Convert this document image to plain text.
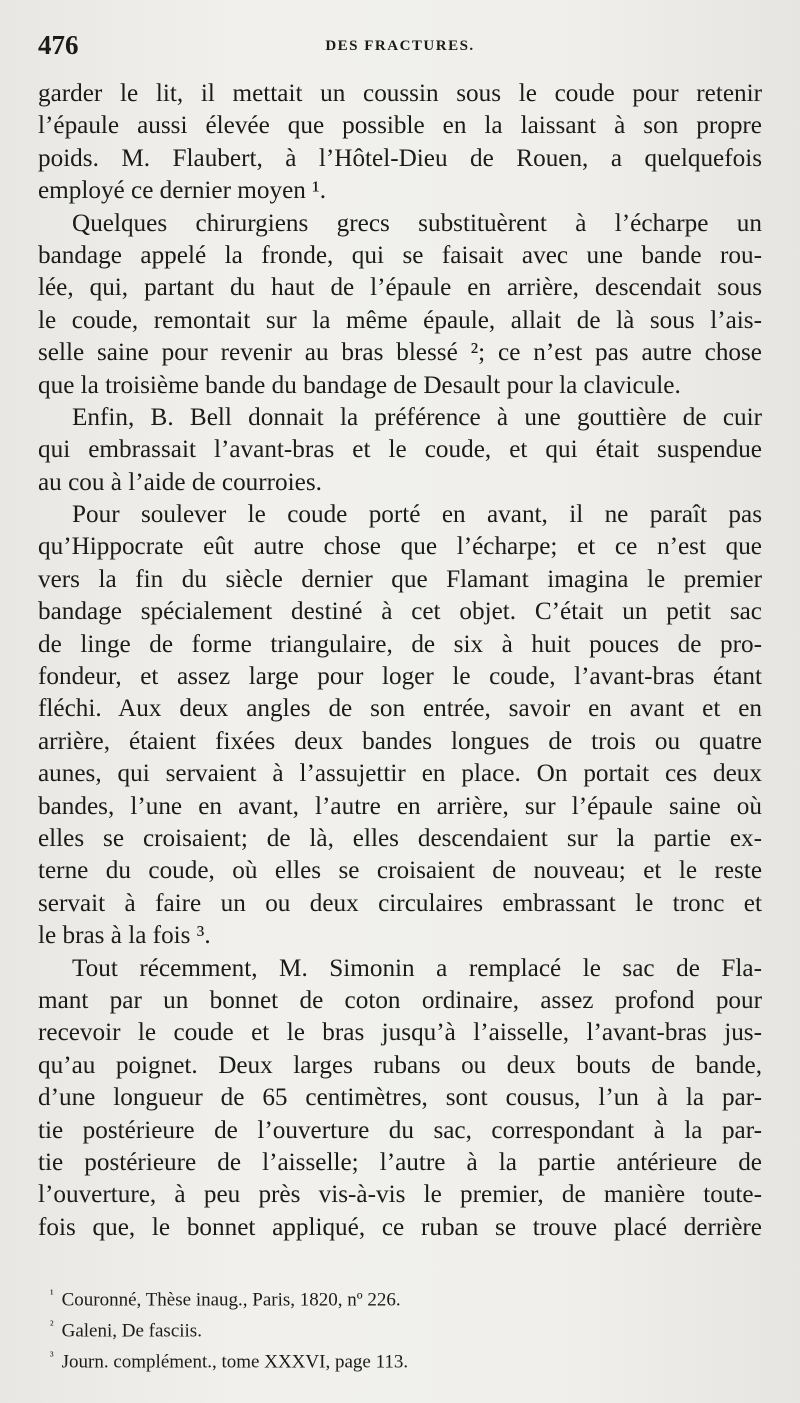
476	DES FRACTURES.
garder le lit, il mettait un coussin sous le coude pour retenir
l’épaule aussi élevée que possible en la laissant à son propre
poids. M. Flaubert, à l’Hôtel-Dieu de Rouen, a quelquefois
employé ce dernier moyen ¹.
Quelques chirurgiens grecs substituèrent à l’écharpe un
bandage appelé la fronde, qui se faisait avec une bande rou-
lée, qui, partant du haut de l’épaule en arrière, descendait sous
le coude, remontait sur la même épaule, allait de là sous l’ais-
selle saine pour revenir au bras blessé ²; ce n’est pas autre chose
que la troisième bande du bandage de Desault pour la clavicule.
Enfin, B. Bell donnait la préférence à une gouttière de cuir
qui embrassait l’avant-bras et le coude, et qui était suspendue
au cou à l’aide de courroies.
Pour soulever le coude porté en avant, il ne paraît pas
qu’Hippocrate eût autre chose que l’écharpe; et ce n’est que
vers la fin du siècle dernier que Flamant imagina le premier
bandage spécialement destiné à cet objet. C’était un petit sac
de linge de forme triangulaire, de six à huit pouces de pro-
fondeur, et assez large pour loger le coude, l’avant-bras étant
fléchi. Aux deux angles de son entrée, savoir en avant et en
arrière, étaient fixées deux bandes longues de trois ou quatre
aunes, qui servaient à l’assujettir en place. On portait ces deux
bandes, l’une en avant, l’autre en arrière, sur l’épaule saine où
elles se croisaient; de là, elles descendaient sur la partie ex-
terne du coude, où elles se croisaient de nouveau; et le reste
servait à faire un ou deux circulaires embrassant le tronc et
le bras à la fois ³.
Tout récemment, M. Simonin a remplacé le sac de Fla-
mant par un bonnet de coton ordinaire, assez profond pour
recevoir le coude et le bras jusqu’à l’aisselle, l’avant-bras jus-
qu’au poignet. Deux larges rubans ou deux bouts de bande,
d’une longueur de 65 centimètres, sont cousus, l’un à la par-
tie postérieure de l’ouverture du sac, correspondant à la par-
tie postérieure de l’aisselle; l’autre à la partie antérieure de
l’ouverture, à peu près vis-à-vis le premier, de manière toute-
fois que, le bonnet appliqué, ce ruban se trouve placé derrière
$^{^1}$ Couronné, Thèse inaug., Paris, 1820, nº 226.
$^{^2}$ Galeni, De fasciis.
$^{^3}$ Journ. complément., tome XXXVI, page 113.
